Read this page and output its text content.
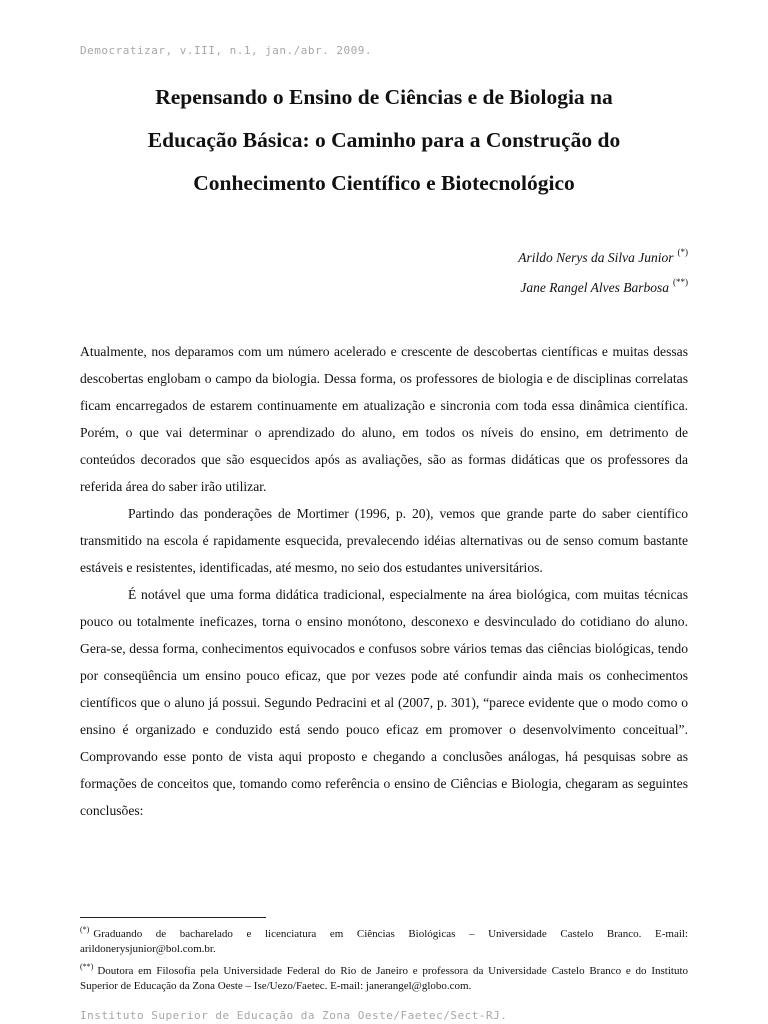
Democratizar, v.III, n.1, jan./abr. 2009.
Repensando o Ensino de Ciências e de Biologia na
Educação Básica: o Caminho para a Construção do
Conhecimento Científico e Biotecnológico
Arildo Nerys da Silva Junior (*)
Jane Rangel Alves Barbosa (**)

Atualmente, nos deparamos com um número acelerado e crescente de descobertas científicas e muitas dessas descobertas englobam o campo da biologia. Dessa forma, os professores de biologia e de disciplinas correlatas ficam encarregados de estarem continuamente em atualização e sincronia com toda essa dinâmica científica. Porém, o que vai determinar o aprendizado do aluno, em todos os níveis do ensino, em detrimento de conteúdos decorados que são esquecidos após as avaliações, são as formas didáticas que os professores da referida área do saber irão utilizar.

Partindo das ponderações de Mortimer (1996, p. 20), vemos que grande parte do saber científico transmitido na escola é rapidamente esquecida, prevalecendo idéias alternativas ou de senso comum bastante estáveis e resistentes, identificadas, até mesmo, no seio dos estudantes universitários.

É notável que uma forma didática tradicional, especialmente na área biológica, com muitas técnicas pouco ou totalmente ineficazes, torna o ensino monótono, desconexo e desvinculado do cotidiano do aluno. Gera-se, dessa forma, conhecimentos equivocados e confusos sobre vários temas das ciências biológicas, tendo por conseqüência um ensino pouco eficaz, que por vezes pode até confundir ainda mais os conhecimentos científicos que o aluno já possui. Segundo Pedracini et al (2007, p. 301), “parece evidente que o modo como o ensino é organizado e conduzido está sendo pouco eficaz em promover o desenvolvimento conceitual”. Comprovando esse ponto de vista aqui proposto e chegando a conclusões análogas, há pesquisas sobre as formações de conceitos que, tomando como referência o ensino de Ciências e Biologia, chegaram as seguintes conclusões:

(*) Graduando de bacharelado e licenciatura em Ciências Biológicas – Universidade Castelo Branco. E-mail: arildonerysjunior@bol.com.br.

(**) Doutora em Filosofia pela Universidade Federal do Rio de Janeiro e professora da Universidade Castelo Branco e do Instituto Superior de Educação da Zona Oeste – Ise/Uezo/Faetec. E-mail: janerangel@globo.com.

Instituto Superior de Educação da Zona Oeste/Faetec/Sect-RJ.
